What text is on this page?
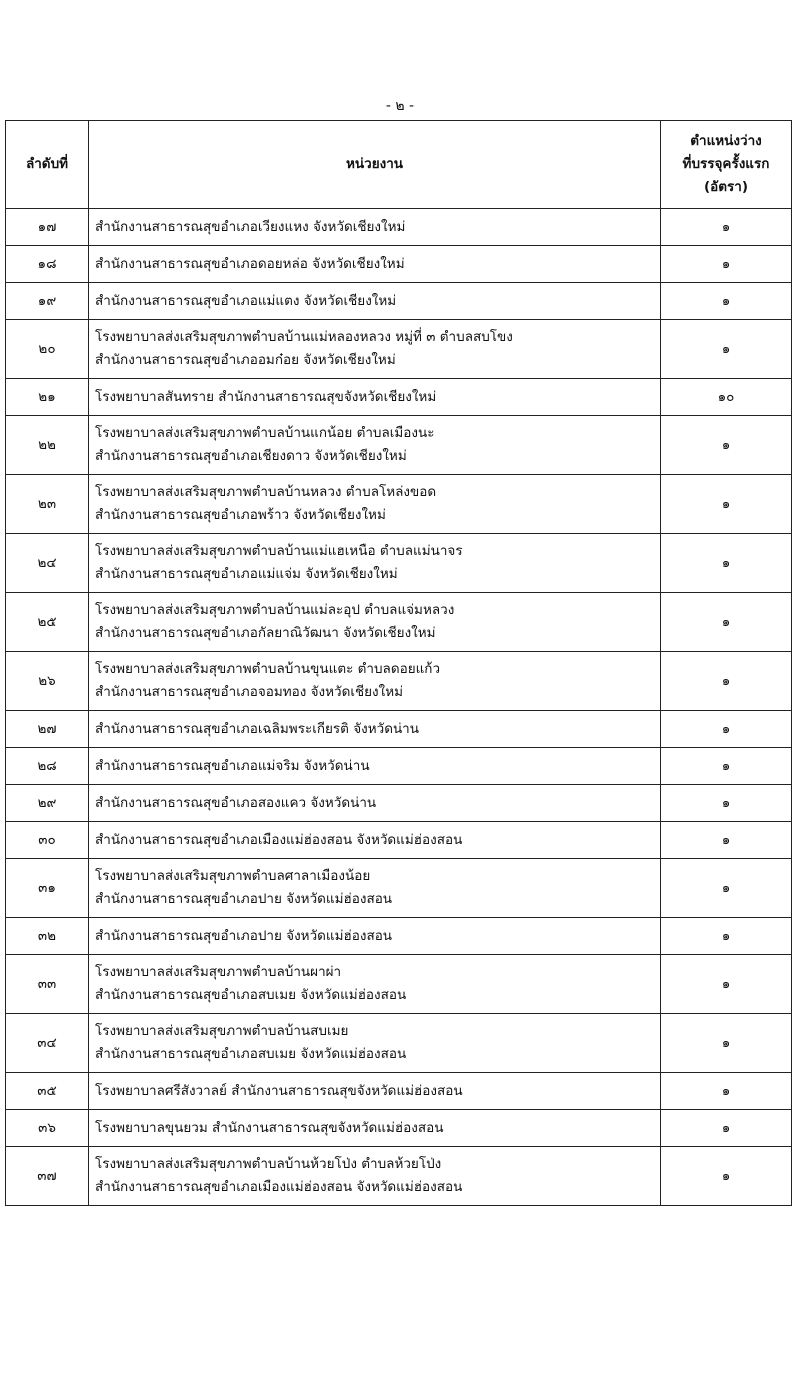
- ๒ -
ลำดับที่	หน่วยงาน	ตำแหน่งว่าง
ที่บรรจุครั้งแรก
(อัตรา)

๑๗	สำนักงานสาธารณสุขอำเภอเวียงแหง จังหวัดเชียงใหม่	๑
๑๘	สำนักงานสาธารณสุขอำเภอดอยหล่อ จังหวัดเชียงใหม่	๑
๑๙	สำนักงานสาธารณสุขอำเภอแม่แตง จังหวัดเชียงใหม่	๑
๒๐	โรงพยาบาลส่งเสริมสุขภาพตำบลบ้านแม่หลองหลวง หมู่ที่ ๓ ตำบลสบโขง
สำนักงานสาธารณสุขอำเภออมก๋อย จังหวัดเชียงใหม่	๑
๒๑	โรงพยาบาลสันทราย สำนักงานสาธารณสุขจังหวัดเชียงใหม่	๑๐
๒๒	โรงพยาบาลส่งเสริมสุขภาพตำบลบ้านแกน้อย ตำบลเมืองนะ
สำนักงานสาธารณสุขอำเภอเชียงดาว จังหวัดเชียงใหม่	๑
๒๓	โรงพยาบาลส่งเสริมสุขภาพตำบลบ้านหลวง ตำบลโหล่งขอด
สำนักงานสาธารณสุขอำเภอพร้าว จังหวัดเชียงใหม่	๑
๒๔	โรงพยาบาลส่งเสริมสุขภาพตำบลบ้านแม่แฮเหนือ ตำบลแม่นาจร
สำนักงานสาธารณสุขอำเภอแม่แจ่ม จังหวัดเชียงใหม่	๑
๒๕	โรงพยาบาลส่งเสริมสุขภาพตำบลบ้านแม่ละอุป ตำบลแจ่มหลวง
สำนักงานสาธารณสุขอำเภอกัลยาณิวัฒนา จังหวัดเชียงใหม่	๑
๒๖	โรงพยาบาลส่งเสริมสุขภาพตำบลบ้านขุนแตะ ตำบลดอยแก้ว
สำนักงานสาธารณสุขอำเภอจอมทอง จังหวัดเชียงใหม่	๑
๒๗	สำนักงานสาธารณสุขอำเภอเฉลิมพระเกียรติ จังหวัดน่าน	๑
๒๘	สำนักงานสาธารณสุขอำเภอแม่จริม จังหวัดน่าน	๑
๒๙	สำนักงานสาธารณสุขอำเภอสองแคว จังหวัดน่าน	๑
๓๐	สำนักงานสาธารณสุขอำเภอเมืองแม่ฮ่องสอน จังหวัดแม่ฮ่องสอน	๑
๓๑	โรงพยาบาลส่งเสริมสุขภาพตำบลศาลาเมืองน้อย
สำนักงานสาธารณสุขอำเภอปาย จังหวัดแม่ฮ่องสอน	๑
๓๒	สำนักงานสาธารณสุขอำเภอปาย จังหวัดแม่ฮ่องสอน	๑
๓๓	โรงพยาบาลส่งเสริมสุขภาพตำบลบ้านผาผ่า
สำนักงานสาธารณสุขอำเภอสบเมย จังหวัดแม่ฮ่องสอน	๑
๓๔	โรงพยาบาลส่งเสริมสุขภาพตำบลบ้านสบเมย
สำนักงานสาธารณสุขอำเภอสบเมย จังหวัดแม่ฮ่องสอน	๑
๓๕	โรงพยาบาลศรีสังวาลย์ สำนักงานสาธารณสุขจังหวัดแม่ฮ่องสอน	๑
๓๖	โรงพยาบาลขุนยวม สำนักงานสาธารณสุขจังหวัดแม่ฮ่องสอน	๑
๓๗	โรงพยาบาลส่งเสริมสุขภาพตำบลบ้านห้วยโป่ง ตำบลห้วยโป่ง
สำนักงานสาธารณสุขอำเภอเมืองแม่ฮ่องสอน จังหวัดแม่ฮ่องสอน	๑
